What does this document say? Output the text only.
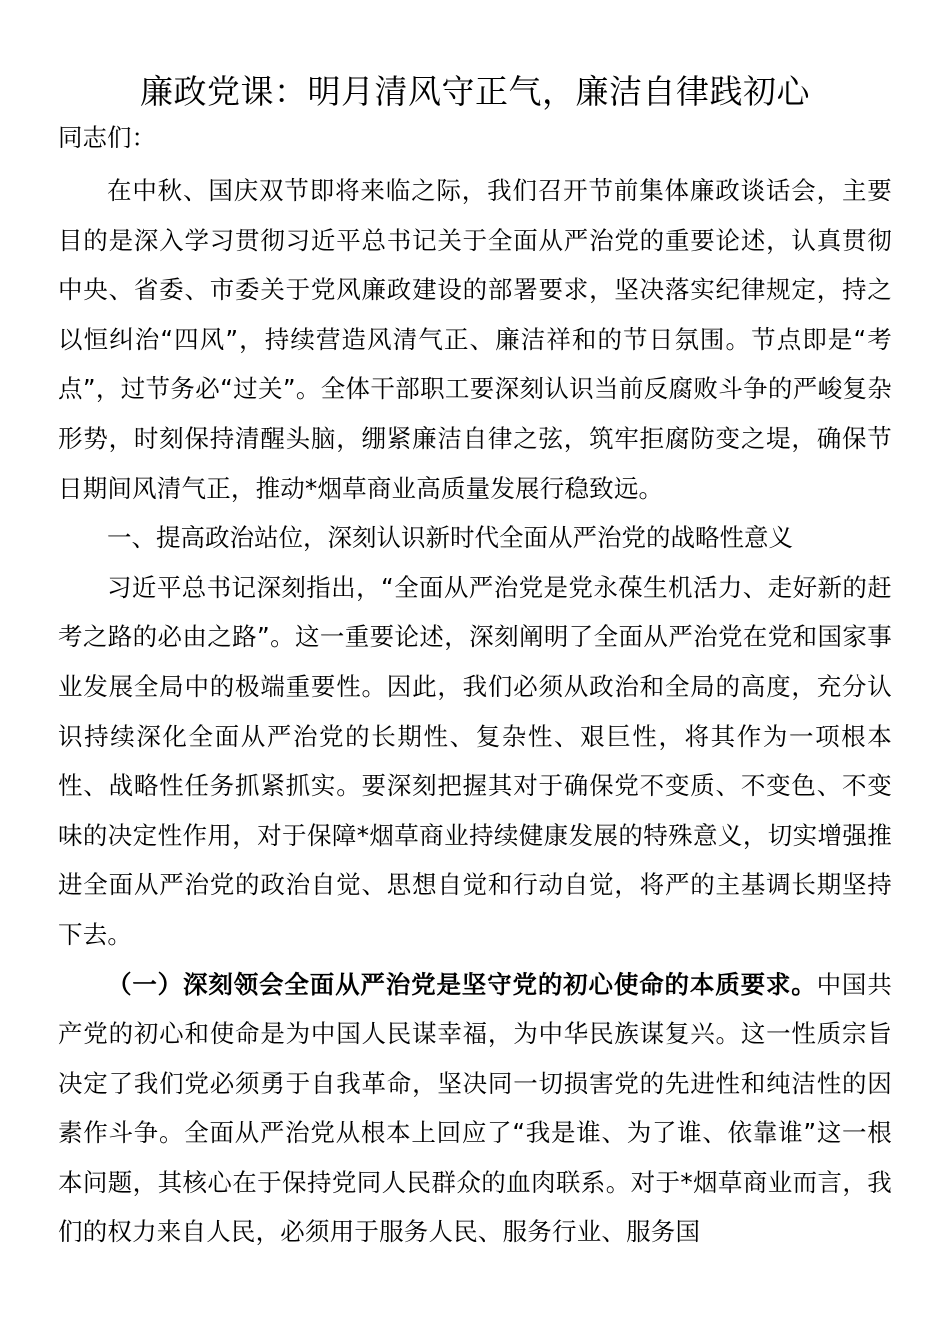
廉政党课：明月清风守正气，廉洁自律践初心

同志们：

在中秋、国庆双节即将来临之际，我们召开节前集体廉政谈话会，主要目的是深入学习贯彻习近平总书记关于全面从严治党的重要论述，认真贯彻中央、省委、市委关于党风廉政建设的部署要求，坚决落实纪律规定，持之以恒纠治“四风”，持续营造风清气正、廉洁祥和的节日氛围。节点即是“考点”，过节务必“过关”。全体干部职工要深刻认识当前反腐败斗争的严峻复杂形势，时刻保持清醒头脑，绷紧廉洁自律之弦，筑牢拒腐防变之堤，确保节日期间风清气正，推动*烟草商业高质量发展行稳致远。

一、提高政治站位，深刻认识新时代全面从严治党的战略性意义

习近平总书记深刻指出，“全面从严治党是党永葆生机活力、走好新的赶考之路的必由之路”。这一重要论述，深刻阐明了全面从严治党在党和国家事业发展全局中的极端重要性。因此，我们必须从政治和全局的高度，充分认识持续深化全面从严治党的长期性、复杂性、艰巨性，将其作为一项根本性、战略性任务抓紧抓实。要深刻把握其对于确保党不变质、不变色、不变味的决定性作用，对于保障*烟草商业持续健康发展的特殊意义，切实增强推进全面从严治党的政治自觉、思想自觉和行动自觉，将严的主基调长期坚持下去。

（一）深刻领会全面从严治党是坚守党的初心使命的本质要求。中国共产党的初心和使命是为中国人民谋幸福，为中华民族谋复兴。这一性质宗旨决定了我们党必须勇于自我革命，坚决同一切损害党的先进性和纯洁性的因素作斗争。全面从严治党从根本上回应了“我是谁、为了谁、依靠谁”这一根本问题，其核心在于保持党同人民群众的血肉联系。对于*烟草商业而言，我们的权力来自人民，必须用于服务人民、服务行业、服务国
